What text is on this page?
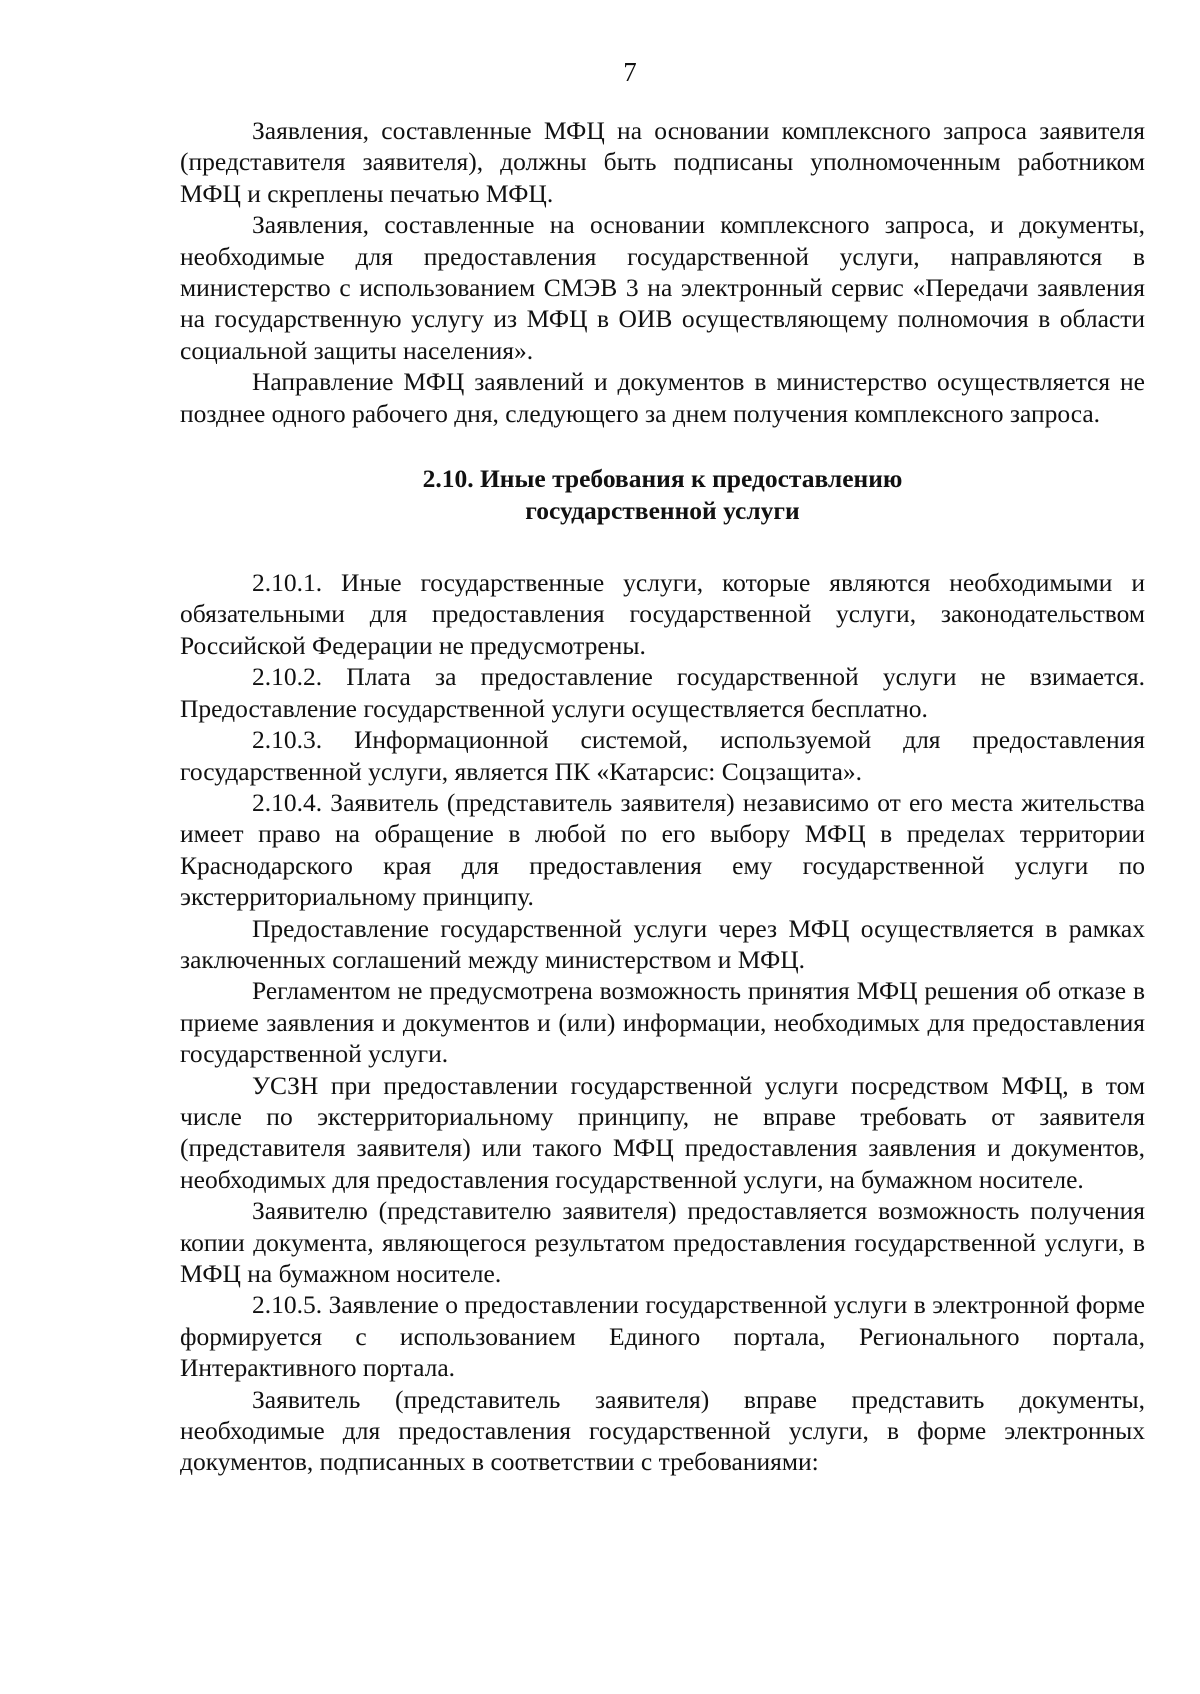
7

Заявления, составленные МФЦ на основании комплексного запроса заявителя (представителя заявителя), должны быть подписаны уполномоченным работником МФЦ и скреплены печатью МФЦ.

Заявления, составленные на основании комплексного запроса, и документы, необходимые для предоставления государственной услуги, направляются в министерство с использованием СМЭВ 3 на электронный сервис «Передачи заявления на государственную услугу из МФЦ в ОИВ осуществляющему полномочия в области социальной защиты населения».

Направление МФЦ заявлений и документов в министерство осуществляется не позднее одного рабочего дня, следующего за днем получения комплексного запроса.

2.10. Иные требования к предоставлению
государственной услуги

2.10.1. Иные государственные услуги, которые являются необходимыми и обязательными для предоставления государственной услуги, законодательством Российской Федерации не предусмотрены.

2.10.2. Плата за предоставление государственной услуги не взимается. Предоставление государственной услуги осуществляется бесплатно.

2.10.3. Информационной системой, используемой для предоставления государственной услуги, является ПК «Катарсис: Соцзащита».

2.10.4. Заявитель (представитель заявителя) независимо от его места жительства имеет право на обращение в любой по его выбору МФЦ в пределах территории Краснодарского края для предоставления ему государственной услуги по экстерриториальному принципу.

Предоставление государственной услуги через МФЦ осуществляется в рамках заключенных соглашений между министерством и МФЦ.

Регламентом не предусмотрена возможность принятия МФЦ решения об отказе в приеме заявления и документов и (или) информации, необходимых для предоставления государственной услуги.

УСЗН при предоставлении государственной услуги посредством МФЦ, в том числе по экстерриториальному принципу, не вправе требовать от заявителя (представителя заявителя) или такого МФЦ предоставления заявления и документов, необходимых для предоставления государственной услуги, на бумажном носителе.

Заявителю (представителю заявителя) предоставляется возможность получения копии документа, являющегося результатом предоставления государственной услуги, в МФЦ на бумажном носителе.

2.10.5. Заявление о предоставлении государственной услуги в электронной форме формируется с использованием Единого портала, Регионального портала, Интерактивного портала.

Заявитель (представитель заявителя) вправе представить документы, необходимые для предоставления государственной услуги, в форме электронных документов, подписанных в соответствии с требованиями:
